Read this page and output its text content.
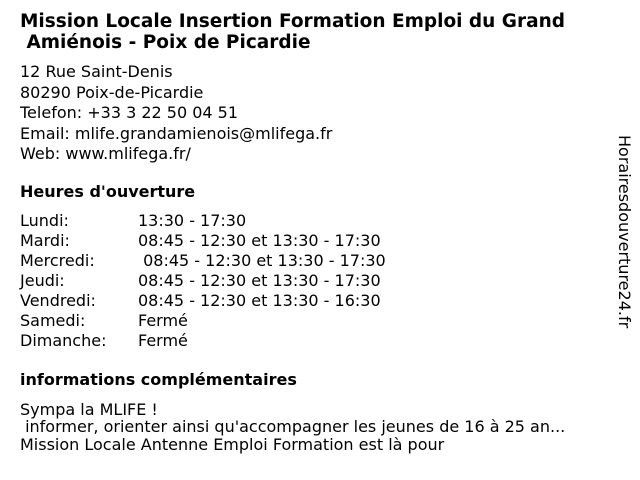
Mission Locale Insertion Formation Emploi du Grand
Amiénois - Poix de Picardie
12 Rue Saint-Denis
80290 Poix-de-Picardie
Telefon: +33 3 22 50 04 51
Email: mlife.grandamienois@mlifega.fr
Web: www.mlifega.fr/
Heures d'ouverture
Lundi:	13:30 - 17:30
Mardi:	08:45 - 12:30 et 13:30 - 17:30
Mercredi:	08:45 - 12:30 et 13:30 - 17:30
Jeudi:	08:45 - 12:30 et 13:30 - 17:30
Vendredi:	08:45 - 12:30 et 13:30 - 16:30
Samedi:	Fermé
Dimanche:	Fermé
informations complémentaires
Sympa la MLIFE !
informer, orienter ainsi qu'accompagner les jeunes de 16 à 25 an...
Mission Locale Antenne Emploi Formation est là pour
Horairesdouverture24.fr
